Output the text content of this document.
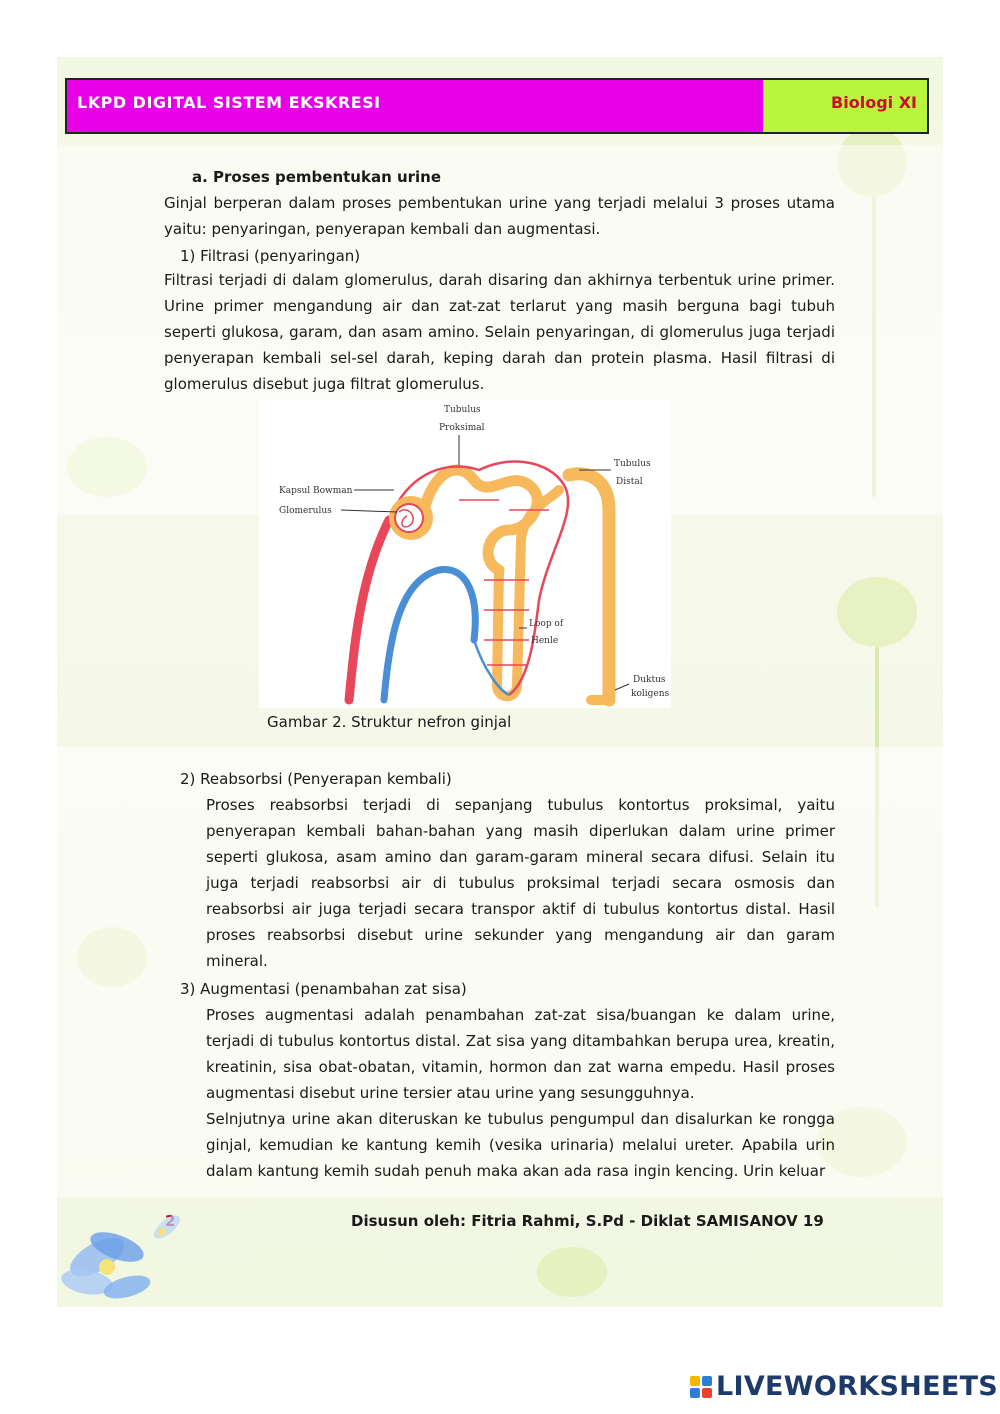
LKPD DIGITAL SISTEM EKSKRESI	Biologi XI
a. Proses pembentukan urine
Ginjal berperan dalam proses pembentukan urine yang terjadi melalui 3 proses utama yaitu: penyaringan, penyerapan kembali dan augmentasi.
1) Filtrasi (penyaringan)
Filtrasi terjadi di dalam glomerulus, darah disaring dan akhirnya terbentuk urine primer. Urine primer mengandung air dan zat-zat terlarut yang masih berguna bagi tubuh seperti glukosa, garam, dan asam amino. Selain penyaringan, di glomerulus juga terjadi penyerapan kembali sel-sel darah, keping darah dan protein plasma. Hasil filtrasi di glomerulus disebut juga filtrat glomerulus.
Tubulus
Proksimal
Tubulus
Distal
Kapsul Bowman
Glomerulus
Loop of
Henle
Duktus
koligens
Gambar 2. Struktur nefron ginjal
2) Reabsorbsi (Penyerapan kembali)
Proses reabsorbsi terjadi di sepanjang tubulus kontortus proksimal, yaitu penyerapan kembali bahan-bahan yang masih diperlukan dalam urine primer seperti glukosa, asam amino dan garam-garam mineral secara difusi. Selain itu juga terjadi reabsorbsi air di tubulus proksimal terjadi secara osmosis dan reabsorbsi air juga terjadi secara transpor aktif di tubulus kontortus distal. Hasil proses reabsorbsi disebut urine sekunder yang mengandung air dan garam mineral.
3) Augmentasi (penambahan zat sisa)
Proses augmentasi adalah penambahan zat-zat sisa/buangan ke dalam urine, terjadi di tubulus kontortus distal. Zat sisa yang ditambahkan berupa urea, kreatin, kreatinin, sisa obat-obatan, vitamin, hormon dan zat warna empedu. Hasil proses augmentasi disebut urine tersier atau urine yang sesungguhnya.
Selnjutnya urine akan diteruskan ke tubulus pengumpul dan disalurkan ke rongga ginjal, kemudian ke kantung kemih (vesika urinaria) melalui ureter. Apabila urin dalam kantung kemih sudah penuh maka akan ada rasa ingin kencing. Urin keluar
Disusun oleh: Fitria Rahmi, S.Pd - Diklat SAMISANOV 19
LIVEWORKSHEETS
